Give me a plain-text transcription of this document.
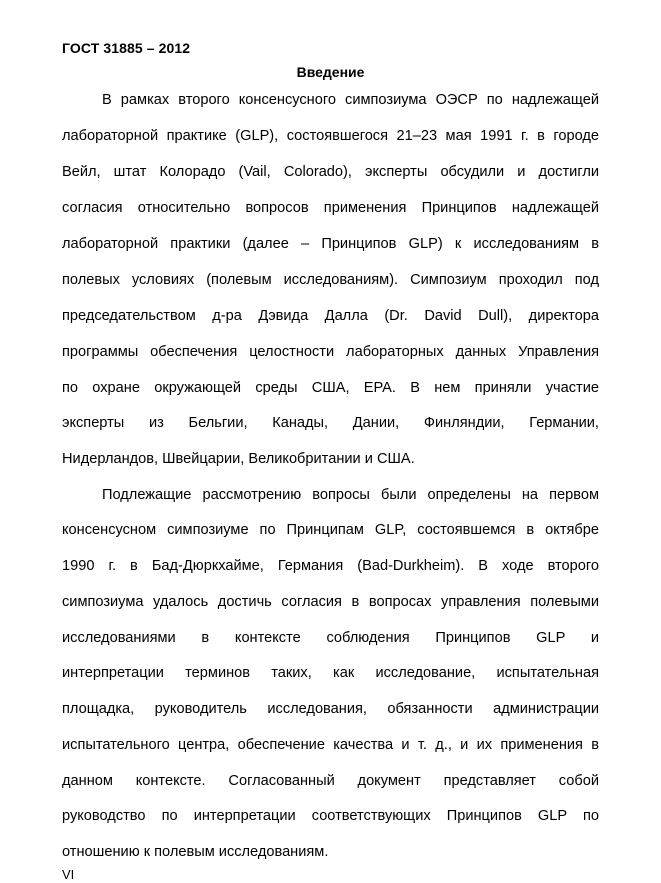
ГОСТ 31885 – 2012
Введение
В рамках второго консенсусного симпозиума ОЭСР по надлежащей
лабораторной практике (GLP), состоявшегося 21–23 мая 1991 г. в городе
Вейл, штат Колорадо (Vail, Colorado), эксперты обсудили и достигли
согласия относительно вопросов применения Принципов надлежащей
лабораторной практики (далее – Принципов GLP) к исследованиям в
полевых условиях (полевым исследованиям). Симпозиум проходил под
председательством д-ра Дэвида Далла (Dr. David Dull), директора
программы обеспечения целостности лабораторных данных Управления
по охране окружающей среды США, EPA. В нем приняли участие
эксперты из Бельгии, Канады, Дании, Финляндии, Германии,
Нидерландов, Швейцарии, Великобритании и США.
Подлежащие рассмотрению вопросы были определены на первом
консенсусном симпозиуме по Принципам GLP, состоявшемся в октябре
1990 г. в Бад-Дюркхайме, Германия (Bad-Durkheim). В ходе второго
симпозиума удалось достичь согласия в вопросах управления полевыми
исследованиями в контексте соблюдения Принципов GLP и
интерпретации терминов таких, как исследование, испытательная
площадка, руководитель исследования, обязанности администрации
испытательного центра, обеспечение качества и т. д., и их применения в
данном контексте. Согласованный документ представляет собой
руководство по интерпретации соответствующих Принципов GLP по
отношению к полевым исследованиям.
VI
